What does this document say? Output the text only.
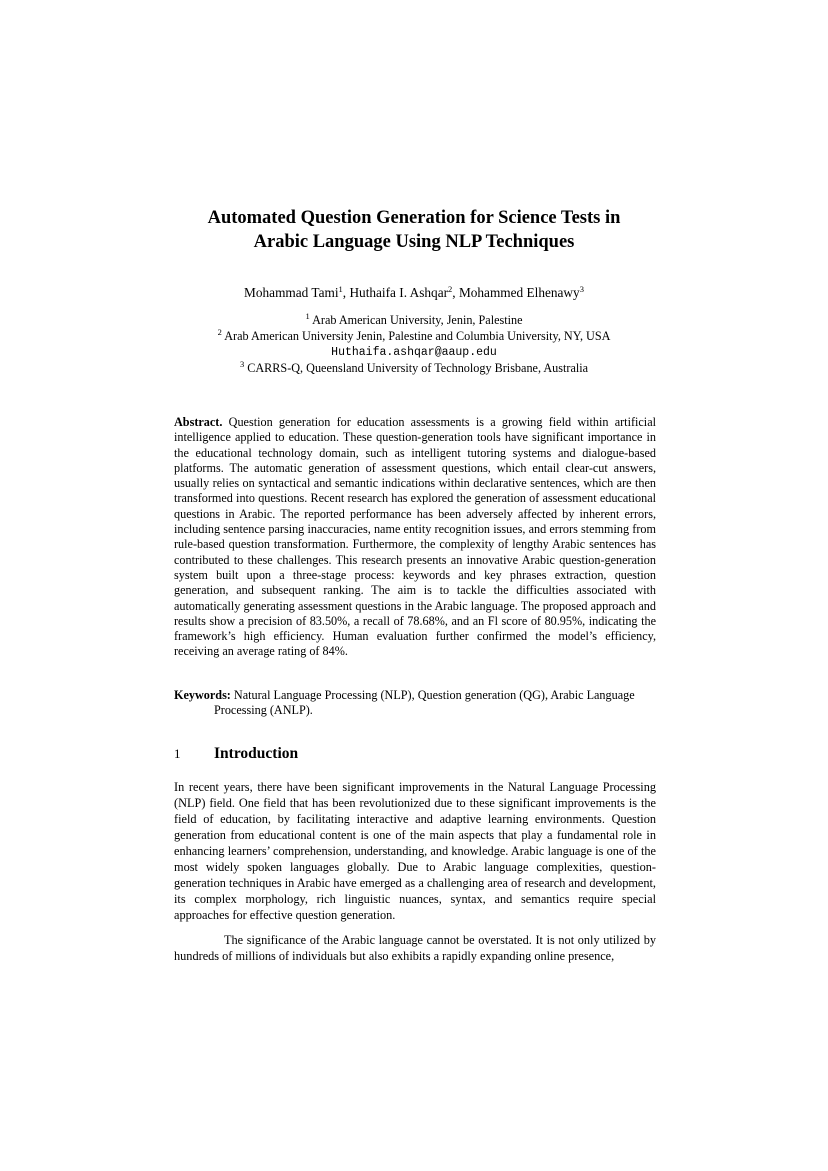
Automated Question Generation for Science Tests in
Arabic Language Using NLP Techniques
Mohammad Tami$^1$, Huthaifa I. Ashqar$^2$, Mohammed Elhenawy$^3$
$^1$ Arab American University, Jenin, Palestine
$^2$ Arab American University Jenin, Palestine and Columbia University, NY, USA
Huthaifa.ashqar@aaup.edu
$^3$ CARRS-Q, Queensland University of Technology Brisbane, Australia
Abstract. Question generation for education assessments is a growing field within artificial intelligence applied to education. These question-generation tools have significant importance in the educational technology domain, such as intelligent tutoring systems and dialogue-based platforms. The automatic generation of assessment questions, which entail clear-cut answers, usually relies on syntactical and semantic indications within declarative sentences, which are then transformed into questions. Recent research has explored the generation of assessment educational questions in Arabic. The reported performance has been adversely affected by inherent errors, including sentence parsing inaccuracies, name entity recognition issues, and errors stemming from rule-based question transformation. Furthermore, the complexity of lengthy Arabic sentences has contributed to these challenges. This research presents an innovative Arabic question-generation system built upon a three-stage process: keywords and key phrases extraction, question generation, and subsequent ranking. The aim is to tackle the difficulties associated with automatically generating assessment questions in the Arabic language. The proposed approach and results show a precision of 83.50%, a recall of 78.68%, and an Fl score of 80.95%, indicating the framework’s high efficiency. Human evaluation further confirmed the model’s efficiency, receiving an average rating of 84%.
Keywords: Natural Language Processing (NLP), Question generation (QG), Arabic Language Processing (ANLP).
1 Introduction
In recent years, there have been significant improvements in the Natural Language Processing (NLP) field. One field that has been revolutionized due to these significant improvements is the field of education, by facilitating interactive and adaptive learning environments. Question generation from educational content is one of the main aspects that play a fundamental role in enhancing learners’ comprehension, understanding, and knowledge. Arabic language is one of the most widely spoken languages globally. Due to Arabic language complexities, question-generation techniques in Arabic have emerged as a challenging area of research and development, its complex morphology, rich linguistic nuances, syntax, and semantics require special approaches for effective question generation.
The significance of the Arabic language cannot be overstated. It is not only utilized by hundreds of millions of individuals but also exhibits a rapidly expanding online presence,
